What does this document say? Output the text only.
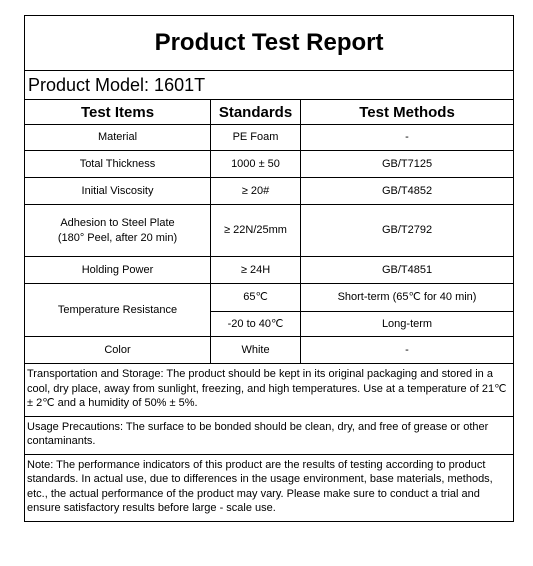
Product Test Report		
Product Model: 1601T		
Test Items	Standards	Test Methods
Material	PE Foam	-
Total Thickness	1000 ± 50	GB/T7125
Initial Viscosity	≥ 20#	GB/T4852

Adhesion to Steel Plate
(180° Peel, after 20 min)	≥ 22N/25mm	GB/T2792
Holding Power	≥ 24H	GB/T4851
Temperature Resistance	65℃	Short-term (65℃ for 40 min)
	-20 to 40℃	Long-term
Color	White	-
Transportation and Storage: The product should be kept in its original packaging and stored in a cool, dry place, away from sunlight, freezing, and high temperatures. Use at a temperature of 21℃ ± 2℃ and a humidity of 50% ± 5%.		
Usage Precautions: The surface to be bonded should be clean, dry, and free of grease or other contaminants.		
Note: The performance indicators of this product are the results of testing according to product standards. In actual use, due to differences in the usage environment, base materials, methods, etc., the actual performance of the product may vary. Please make sure to conduct a trial and ensure satisfactory results before large - scale use.		
